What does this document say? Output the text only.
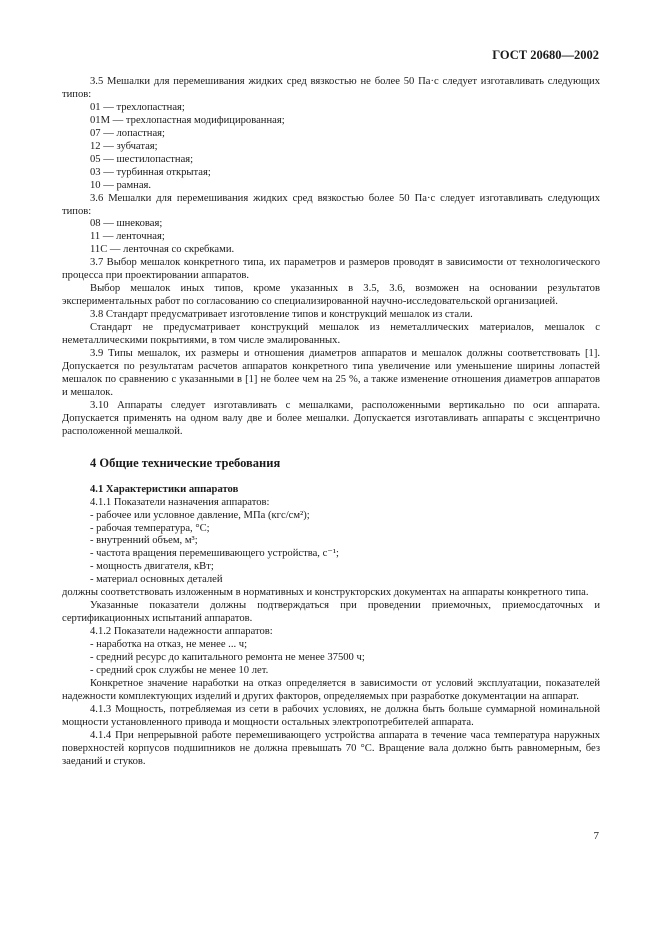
ГОСТ 20680—2002

3.5 Мешалки для перемешивания жидких сред вязкостью не более 50 Па·с следует изготавливать следующих типов:

01 — трехлопастная;

01М — трехлопастная модифицированная;

07 — лопастная;

12 — зубчатая;

05 — шестилопастная;

03 — турбинная открытая;

10 — рамная.

3.6 Мешалки для перемешивания жидких сред вязкостью более 50 Па·с следует изготавливать следующих типов:

08 — шнековая;

11 — ленточная;

11С — ленточная со скребками.

3.7 Выбор мешалок конкретного типа, их параметров и размеров проводят в зависимости от технологического процесса при проектировании аппаратов.

Выбор мешалок иных типов, кроме указанных в 3.5, 3.6, возможен на основании результатов экспериментальных работ по согласованию со специализированной научно-исследовательской организацией.

3.8 Стандарт предусматривает изготовление типов и конструкций мешалок из стали.

Стандарт не предусматривает конструкций мешалок из неметаллических материалов, мешалок с неметаллическими покрытиями, в том числе эмалированных.

3.9 Типы мешалок, их размеры и отношения диаметров аппаратов и мешалок должны соответствовать [1]. Допускается по результатам расчетов аппаратов конкретного типа увеличение или уменьшение ширины лопастей мешалок по сравнению с указанными в [1] не более чем на 25 %, а также изменение отношения диаметров аппаратов и мешалок.

3.10 Аппараты следует изготавливать с мешалками, расположенными вертикально по оси аппарата. Допускается применять на одном валу две и более мешалки. Допускается изготавливать аппараты с эксцентрично расположенной мешалкой.

4 Общие технические требования

4.1 Характеристики аппаратов

4.1.1 Показатели назначения аппаратов:

- рабочее или условное давление, МПа (кгс/см²);

- рабочая температура, °С;

- внутренний объем, м³;

- частота вращения перемешивающего устройства, с⁻¹;

- мощность двигателя, кВт;

- материал основных деталей

должны соответствовать изложенным в нормативных и конструкторских документах на аппараты конкретного типа.

Указанные показатели должны подтверждаться при проведении приемочных, приемосдаточных и сертификационных испытаний аппаратов.

4.1.2 Показатели надежности аппаратов:

- наработка на отказ, не менее ... ч;

- средний ресурс до капитального ремонта не менее 37500 ч;

- средний срок службы не менее 10 лет.

Конкретное значение наработки на отказ определяется в зависимости от условий эксплуатации, показателей надежности комплектующих изделий и других факторов, определяемых при разработке документации на аппарат.

4.1.3 Мощность, потребляемая из сети в рабочих условиях, не должна быть больше суммарной номинальной мощности установленного привода и мощности остальных электропотребителей аппарата.

4.1.4 При непрерывной работе перемешивающего устройства аппарата в течение часа температура наружных поверхностей корпусов подшипников не должна превышать 70 °С. Вращение вала должно быть равномерным, без заеданий и стуков.

7
